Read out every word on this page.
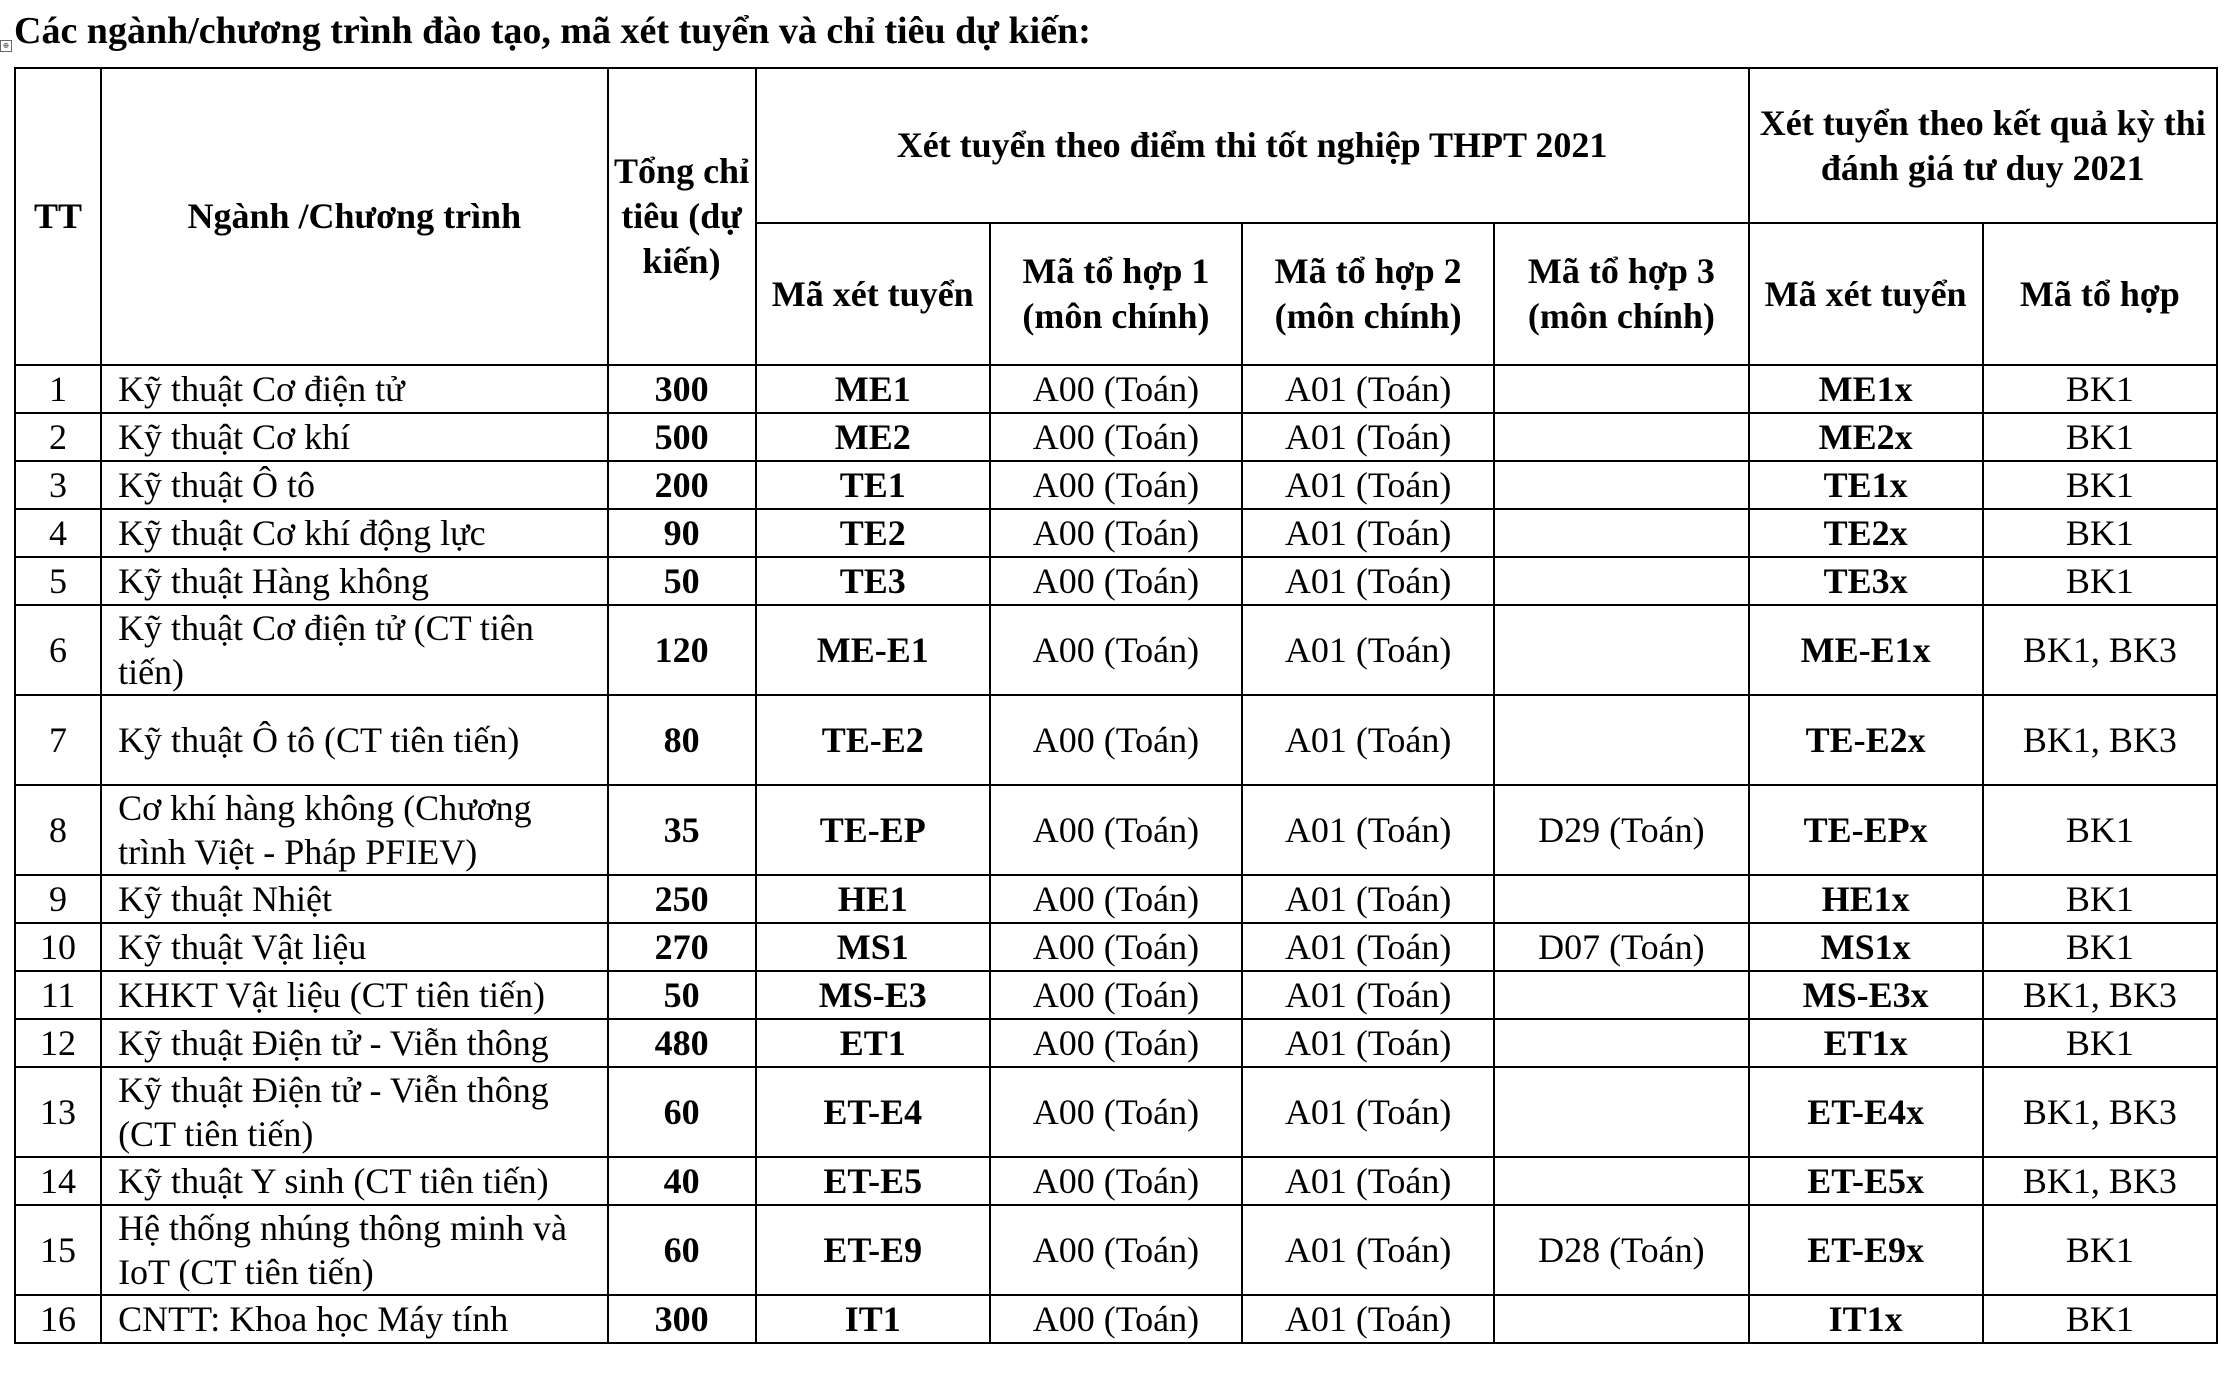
⊕ Các ngành/chương trình đào tạo, mã xét tuyển và chỉ tiêu dự kiến:
TT	Ngành /Chương trình	Tổng chỉ tiêu (dự kiến)	Xét tuyển theo điểm thi tốt nghiệp THPT 2021				Xét tuyển theo kết quả kỳ thi đánh giá tư duy 2021	
			Mã xét tuyển	Mã tổ hợp 1 (môn chính)	Mã tổ hợp 2 (môn chính)	Mã tổ hợp 3 (môn chính)	Mã xét tuyển	Mã tổ hợp
1	Kỹ thuật Cơ điện tử	300	ME1	A00 (Toán)	A01 (Toán)		ME1x	BK1
2	Kỹ thuật Cơ khí	500	ME2	A00 (Toán)	A01 (Toán)		ME2x	BK1
3	Kỹ thuật Ô tô	200	TE1	A00 (Toán)	A01 (Toán)		TE1x	BK1
4	Kỹ thuật Cơ khí động lực	90	TE2	A00 (Toán)	A01 (Toán)		TE2x	BK1
5	Kỹ thuật Hàng không	50	TE3	A00 (Toán)	A01 (Toán)		TE3x	BK1
6	Kỹ thuật Cơ điện tử (CT tiên tiến)	120	ME-E1	A00 (Toán)	A01 (Toán)		ME-E1x	BK1, BK3
7	Kỹ thuật Ô tô (CT tiên tiến)	80	TE-E2	A00 (Toán)	A01 (Toán)		TE-E2x	BK1, BK3
8	Cơ khí hàng không (Chương trình Việt - Pháp PFIEV)	35	TE-EP	A00 (Toán)	A01 (Toán)	D29 (Toán)	TE-EPx	BK1
9	Kỹ thuật Nhiệt	250	HE1	A00 (Toán)	A01 (Toán)		HE1x	BK1
10	Kỹ thuật Vật liệu	270	MS1	A00 (Toán)	A01 (Toán)	D07 (Toán)	MS1x	BK1
11	KHKT Vật liệu (CT tiên tiến)	50	MS-E3	A00 (Toán)	A01 (Toán)		MS-E3x	BK1, BK3
12	Kỹ thuật Điện tử - Viễn thông	480	ET1	A00 (Toán)	A01 (Toán)		ET1x	BK1
13	Kỹ thuật Điện tử - Viễn thông (CT tiên tiến)	60	ET-E4	A00 (Toán)	A01 (Toán)		ET-E4x	BK1, BK3
14	Kỹ thuật Y sinh (CT tiên tiến)	40	ET-E5	A00 (Toán)	A01 (Toán)		ET-E5x	BK1, BK3
15	Hệ thống nhúng thông minh và IoT (CT tiên tiến)	60	ET-E9	A00 (Toán)	A01 (Toán)	D28 (Toán)	ET-E9x	BK1
16	CNTT: Khoa học Máy tính	300	IT1	A00 (Toán)	A01 (Toán)		IT1x	BK1
